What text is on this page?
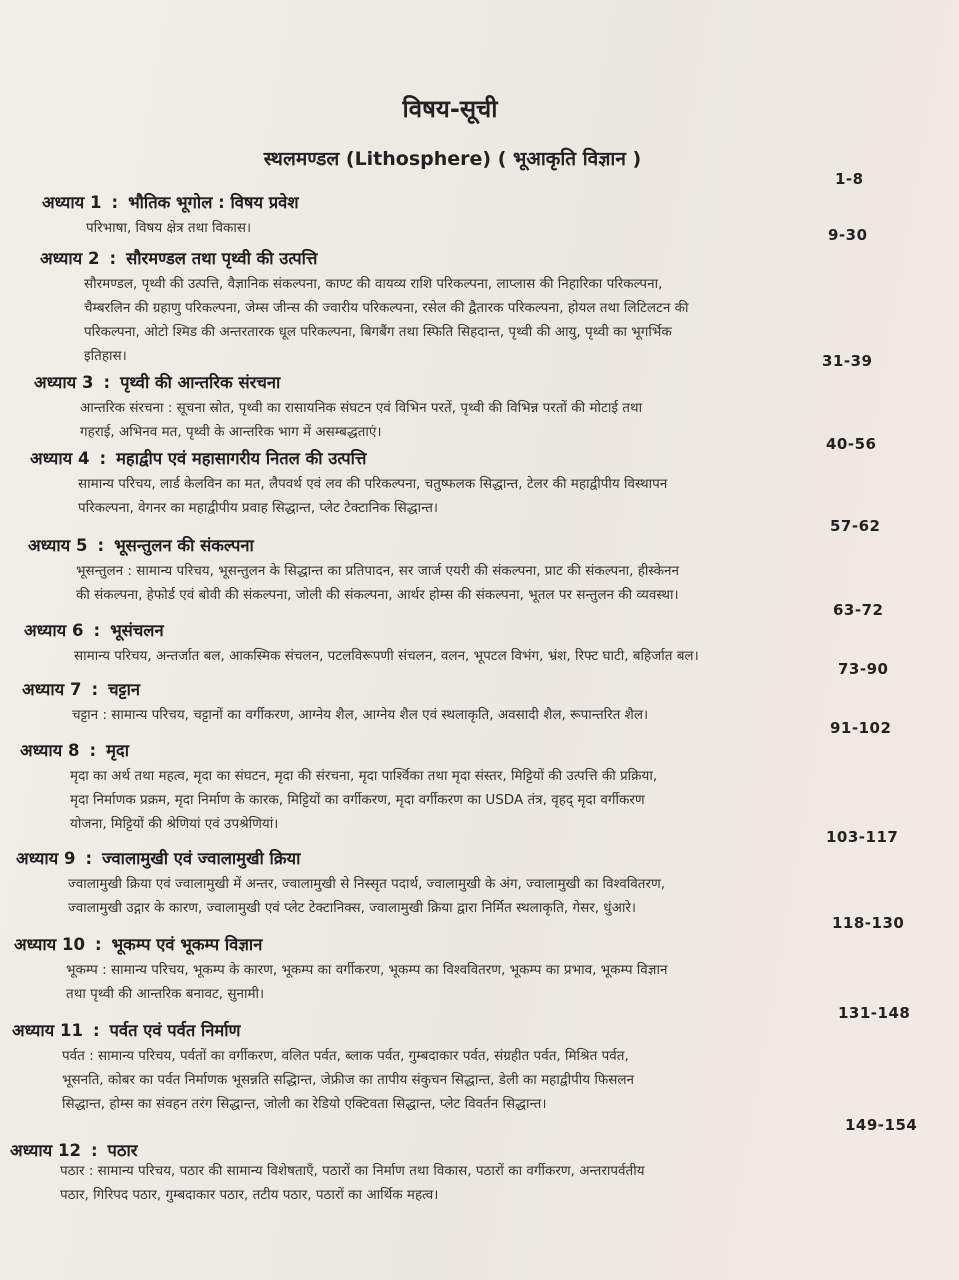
विषय-सूची
स्थलमण्डल (Lithosphere) ( भूआकृति विज्ञान )
1-8
अध्याय 1 : भौतिक भूगोल : विषय प्रवेश
परिभाषा, विषय क्षेत्र तथा विकास।	9-30
अध्याय 2 : सौरमण्डल तथा पृथ्वी की उत्पत्ति
सौरमण्डल, पृथ्वी की उत्पत्ति, वैज्ञानिक संकल्पना, काण्ट की वायव्य राशि परिकल्पना, लाप्लास की निहारिका परिकल्पना,
चैम्बरलिन की ग्रहाणु परिकल्पना, जेम्स जीन्स की ज्वारीय परिकल्पना, रसेल की द्वैतारक परिकल्पना, होयल तथा लिटिलटन की
परिकल्पना, ओटो श्मिड की अन्तरतारक धूल परिकल्पना, बिगबैंग तथा स्फिति सिहदान्त, पृथ्वी की आयु, पृथ्वी का भूगर्भिक
इतिहास।	31-39
अध्याय 3 : पृथ्वी की आन्तरिक संरचना
आन्तरिक संरचना : सूचना स्रोत, पृथ्वी का रासायनिक संघटन एवं विभिन परतें, पृथ्वी की विभिन्न परतों की मोटाई तथा
गहराई, अभिनव मत, पृथ्वी के आन्तरिक भाग में असम्बद्धताएं।
40-56
अध्याय 4 : महाद्वीप एवं महासागरीय नितल की उत्पत्ति
सामान्य परिचय, लार्ड केलविन का मत, लैपवर्थ एवं लव की परिकल्पना, चतुष्फलक सिद्धान्त, टेलर की महाद्वीपीय विस्थापन
परिकल्पना, वेगनर का महाद्वीपीय प्रवाह सिद्धान्त, प्लेट टेक्टानिक सिद्धान्त।
57-62
अध्याय 5 : भूसन्तुलन की संकल्पना
भूसन्तुलन : सामान्य परिचय, भूसन्तुलन के सिद्धान्त का प्रतिपादन, सर जार्ज एयरी की संकल्पना, प्राट की संकल्पना, हीस्केनन
की संकल्पना, हेफोर्ड एवं बोवी की संकल्पना, जोली की संकल्पना, आर्थर होम्स की संकल्पना, भूतल पर सन्तुलन की व्यवस्था।
63-72
अध्याय 6 : भूसंचलन
सामान्य परिचय, अन्तर्जात बल, आकस्मिक संचलन, पटलविरूपणी संचलन, वलन, भूपटल विभंग, भ्रंश, रिफ्ट घाटी, बहिर्जात बल।
73-90
अध्याय 7 : चट्टान
चट्टान : सामान्य परिचय, चट्टानों का वर्गीकरण, आग्नेय शैल, आग्नेय शैल एवं स्थलाकृति, अवसादी शैल, रूपान्तरित शैल।
91-102
अध्याय 8 : मृदा
मृदा का अर्थ तथा महत्व, मृदा का संघटन, मृदा की संरचना, मृदा पार्श्विका तथा मृदा संस्तर, मिट्टियों की उत्पत्ति की प्रक्रिया,
मृदा निर्माणक प्रक्रम, मृदा निर्माण के कारक, मिट्टियों का वर्गीकरण, मृदा वर्गीकरण का USDA तंत्र, वृहद् मृदा वर्गीकरण
योजना, मिट्टियों की श्रेणियां एवं उपश्रेणियां।
103-117
अध्याय 9 : ज्वालामुखी एवं ज्वालामुखी क्रिया
ज्वालामुखी क्रिया एवं ज्वालामुखी में अन्तर, ज्वालामुखी से निस्सृत पदार्थ, ज्वालामुखी के अंग, ज्वालामुखी का विश्ववितरण,
ज्वालामुखी उद्गार के कारण, ज्वालामुखी एवं प्लेट टेक्टानिक्स, ज्वालामुखी क्रिया द्वारा निर्मित स्थलाकृति, गेसर, धुंआरे।
118-130
अध्याय 10 : भूकम्प एवं भूकम्प विज्ञान
भूकम्प : सामान्य परिचय, भूकम्प के कारण, भूकम्प का वर्गीकरण, भूकम्प का विश्ववितरण, भूकम्प का प्रभाव, भूकम्प विज्ञान
तथा पृथ्वी की आन्तरिक बनावट, सुनामी।
131-148
अध्याय 11 : पर्वत एवं पर्वत निर्माण
पर्वत : सामान्य परिचय, पर्वतों का वर्गीकरण, वलित पर्वत, ब्लाक पर्वत, गुम्बदाकार पर्वत, संग्रहीत पर्वत, मिश्रित पर्वत,
भूसनति, कोबर का पर्वत निर्माणक भूसन्नति सद्धिान्त, जेफ्रीज का तापीय संकुचन सिद्धान्त, डेली का महाद्वीपीय फिसलन
सिद्धान्त, होम्स का संवहन तरंग सिद्धान्त, जोली का रेडियो एक्टिवता सिद्धान्त, प्लेट विवर्तन सिद्धान्त।
149-154
अध्याय 12 : पठार
पठार : सामान्य परिचय, पठार की सामान्य विशेषताएँ, पठारों का निर्माण तथा विकास, पठारों का वर्गीकरण, अन्तरापर्वतीय
पठार, गिरिपद पठार, गुम्बदाकार पठार, तटीय पठार, पठारों का आर्थिक महत्व।
